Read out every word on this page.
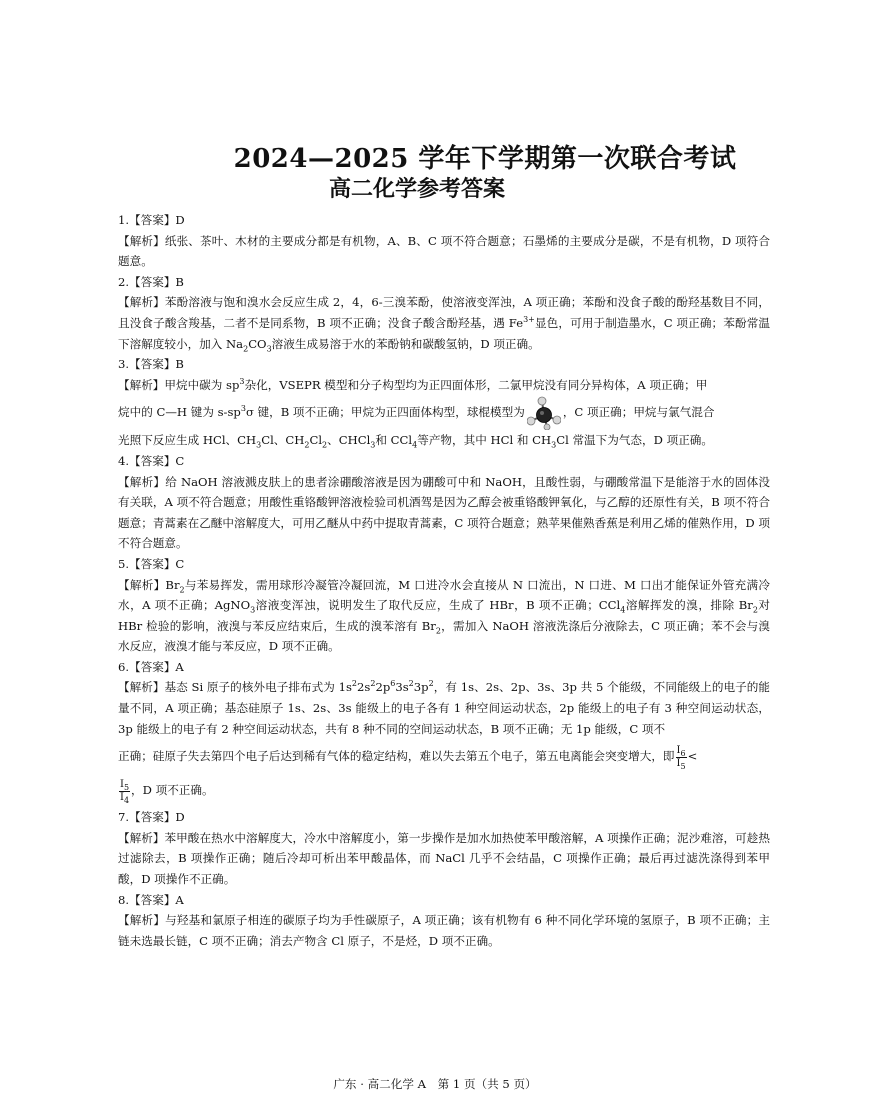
2024—2025 学年下学期第一次联合考试
高二化学参考答案

1.【答案】D

【解析】纸张、茶叶、木材的主要成分都是有机物，A、B、C 项不符合题意；石墨烯的主要成分是碳，不是有机物，D 项符合题意。

2.【答案】B

【解析】苯酚溶液与饱和溴水会反应生成 2，4，6-三溴苯酚，使溶液变浑浊，A 项正确；苯酚和没食子酸的酚羟基数目不同，且没食子酸含羧基，二者不是同系物，B 项不正确；没食子酸含酚羟基，遇 $Fe^{3+}$显色，可用于制造墨水，C 项正确；苯酚常温下溶解度较小，加入 $Na_2CO_3$溶液生成易溶于水的苯酚钠和碳酸氢钠，D 项正确。

3.【答案】B

【解析】甲烷中碳为 $sp^3$杂化，VSEPR 模型和分子构型均为正四面体形，二氯甲烷没有同分异构体，A 项正确；甲

烷中的 C—H 键为 $s-sp^3\sigma$ 键，B 项不正确；甲烷为正四面体构型，球棍模型为	，C 项正确；甲烷与氯气混合

光照下反应生成 HCl、$CH_3Cl$、$CH_2Cl_2$、CHCl$_3$和 CCl$_4$等产物，其中 HCl 和 $CH_3Cl$ 常温下为气态，D 项正确。

4.【答案】C

【解析】给 NaOH 溶液溅皮肤上的患者涂硼酸溶液是因为硼酸可中和 NaOH，且酸性弱，与硼酸常温下是能溶于水的固体没有关联，A 项不符合题意；用酸性重铬酸钾溶液检验司机酒驾是因为乙醇会被重铬酸钾氧化，与乙醇的还原性有关，B 项不符合题意；青蒿素在乙醚中溶解度大，可用乙醚从中药中提取青蒿素，C 项符合题意；熟苹果催熟香蕉是利用乙烯的催熟作用，D 项不符合题意。

5.【答案】C

【解析】$Br_2$与苯易挥发，需用球形冷凝管冷凝回流，M 口进冷水会直接从 N 口流出，N 口进、M 口出才能保证外管充满冷水，A 项不正确；AgNO$_3$溶液变浑浊，说明发生了取代反应，生成了 HBr，B 项不正确；CCl$_4$溶解挥发的溴，排除 $Br_2$对 HBr 检验的影响，液溴与苯反应结束后，生成的溴苯溶有 $Br_2$，需加入 NaOH 溶液洗涤后分液除去，C 项正确；苯不会与溴水反应，液溴才能与苯反应，D 项不正确。

6.【答案】A

【解析】基态 Si 原子的核外电子排布式为 $1s^22s^22p^63s^23p^2$，有 1s、2s、2p、3s、3p 共 5 个能级，不同能级上的电子的能量不同，A 项正确；基态硅原子 1s、2s、3s 能级上的电子各有 1 种空间运动状态，2p 能级上的电子有 3 种空间运动状态，3p 能级上的电子有 2 种空间运动状态，共有 8 种不同的空间运动状态，B 项不正确；无 1p 能级，C 项不

正确；硅原子失去第四个电子后达到稀有气体的稳定结构，难以失去第五个电子，第五电离能会突变增大，即 $\frac{I_6}{I_5}$ <

$\frac{I_5}{I_4}$ ，D 项不正确。

7.【答案】D

【解析】苯甲酸在热水中溶解度大，冷水中溶解度小，第一步操作是加水加热使苯甲酸溶解，A 项操作正确；泥沙难溶，可趁热过滤除去，B 项操作正确；随后冷却可析出苯甲酸晶体，而 NaCl 几乎不会结晶，C 项操作正确；最后再过滤洗涤得到苯甲酸，D 项操作不正确。

8.【答案】A

【解析】与羟基和氯原子相连的碳原子均为手性碳原子，A 项正确；该有机物有 6 种不同化学环境的氢原子，B 项不正确；主链未选最长链，C 项不正确；消去产物含 Cl 原子，不是烃，D 项不正确。

广东 · 高二化学 A　第 1 页（共 5 页）
